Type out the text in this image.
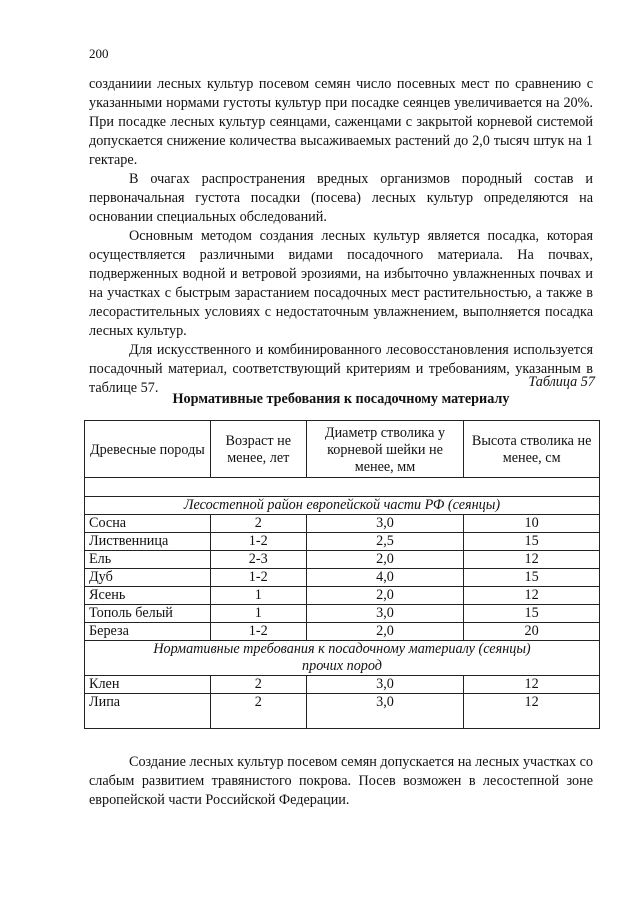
200

созданиии лесных культур посевом семян число посевных мест по сравнению с указанными нормами густоты культур при посадке сеянцев увеличивается на 20%. При посадке лесных культур сеянцами, саженцами с закрытой корневой системой допускается снижение количества высаживаемых растений до 2,0 тысяч штук на 1 гектаре.

В очагах распространения вредных организмов породный состав и первоначальная густота посадки (посева) лесных культур определяются на основании специальных обследований.

Основным методом создания лесных культур является посадка, которая осуществляется различными видами посадочного материала. На почвах, подверженных водной и ветровой эрозиями, на избыточно увлажненных почвах и на участках с быстрым зарастанием посадочных мест растительностью, а также в лесорастительных условиях с недостаточным увлажнением, выполняется посадка лесных культур.

Для искусственного и комбинированного лесовосстановления используется посадочный материал, соответствующий критериям и требованиям, указанным в таблице 57.	Таблица 57
Нормативные требования к посадочному материалу
Древесные породы	Возраст не менее, лет	Диаметр стволика у корневой шейки не менее, мм	Высота стволика не менее, см

Лесостепной район европейской части РФ (сеянцы)			
Сосна	2	3,0	10
Лиственница	1-2	2,5	15
Ель	2-3	2,0	12
Дуб	1-2	4,0	15
Ясень	1	2,0	12
Тополь белый	1	3,0	15
Береза	1-2	2,0	20

Нормативные требования к посадочному материалу (сеянцы)
прочих пород			

Клен	2	3,0	12
Липа	2	3,0	12

Создание лесных культур посевом семян допускается на лесных участках со слабым развитием травянистого покрова. Посев возможен в лесостепной зоне европейской части Российской Федерации.
